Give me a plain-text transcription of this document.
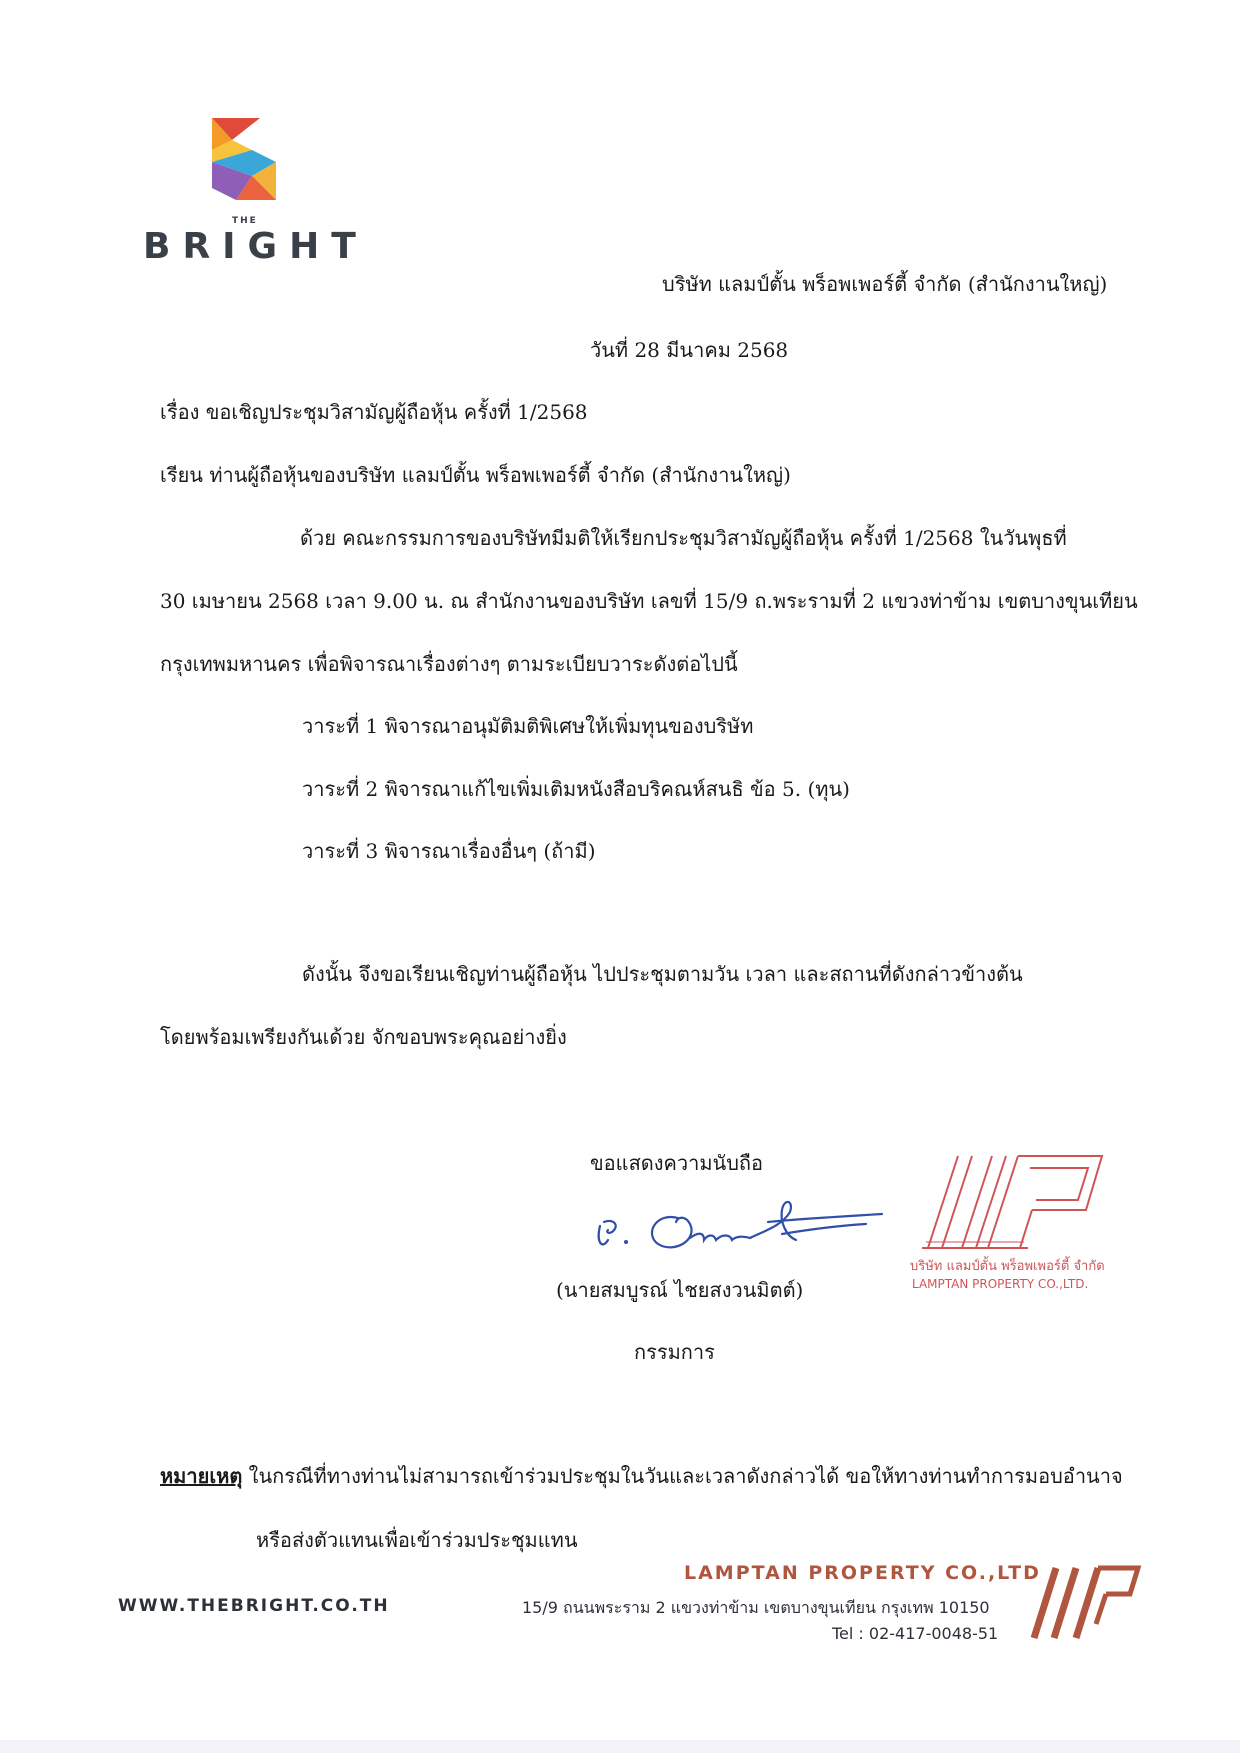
THE
BRIGHT
บริษัท แลมป์ตั้น พร็อพเพอร์ตี้ จำกัด (สำนักงานใหญ่)
วันที่ 28 มีนาคม 2568
เรื่อง ขอเชิญประชุมวิสามัญผู้ถือหุ้น ครั้งที่ 1/2568
เรียน ท่านผู้ถือหุ้นของบริษัท แลมป์ตั้น พร็อพเพอร์ตี้ จำกัด (สำนักงานใหญ่)
ด้วย คณะกรรมการของบริษัทมีมติให้เรียกประชุมวิสามัญผู้ถือหุ้น ครั้งที่ 1/2568 ในวันพุธที่
30 เมษายน 2568 เวลา 9.00 น. ณ สำนักงานของบริษัท เลขที่ 15/9 ถ.พระรามที่ 2 แขวงท่าข้าม เขตบางขุนเทียน
กรุงเทพมหานคร เพื่อพิจารณาเรื่องต่างๆ ตามระเบียบวาระดังต่อไปนี้
วาระที่ 1 พิจารณาอนุมัติมติพิเศษให้เพิ่มทุนของบริษัท
วาระที่ 2 พิจารณาแก้ไขเพิ่มเติมหนังสือบริคณห์สนธิ ข้อ 5. (ทุน)
วาระที่ 3 พิจารณาเรื่องอื่นๆ (ถ้ามี)
ดังนั้น จึงขอเรียนเชิญท่านผู้ถือหุ้น ไปประชุมตามวัน เวลา และสถานที่ดังกล่าวข้างต้น
โดยพร้อมเพรียงกันเด้วย จักขอบพระคุณอย่างยิ่ง
ขอแสดงความนับถือ
(นายสมบูรณ์ ไชยสงวนมิตต์)
กรรมการ
บริษัท แลมป์ตั้น พร็อพเพอร์ตี้ จำกัด
LAMPTAN PROPERTY CO.,LTD.
หมายเหตุ ในกรณีที่ทางท่านไม่สามารถเข้าร่วมประชุมในวันและเวลาดังกล่าวได้ ขอให้ทางท่านทำการมอบอำนาจ
หรือส่งตัวแทนเพื่อเข้าร่วมประชุมแทน
WWW.THEBRIGHT.CO.TH
LAMPTAN PROPERTY CO.,LTD
15/9 ถนนพระราม 2 แขวงท่าข้าม เขตบางขุนเทียน กรุงเทพ 10150
Tel : 02-417-0048-51
